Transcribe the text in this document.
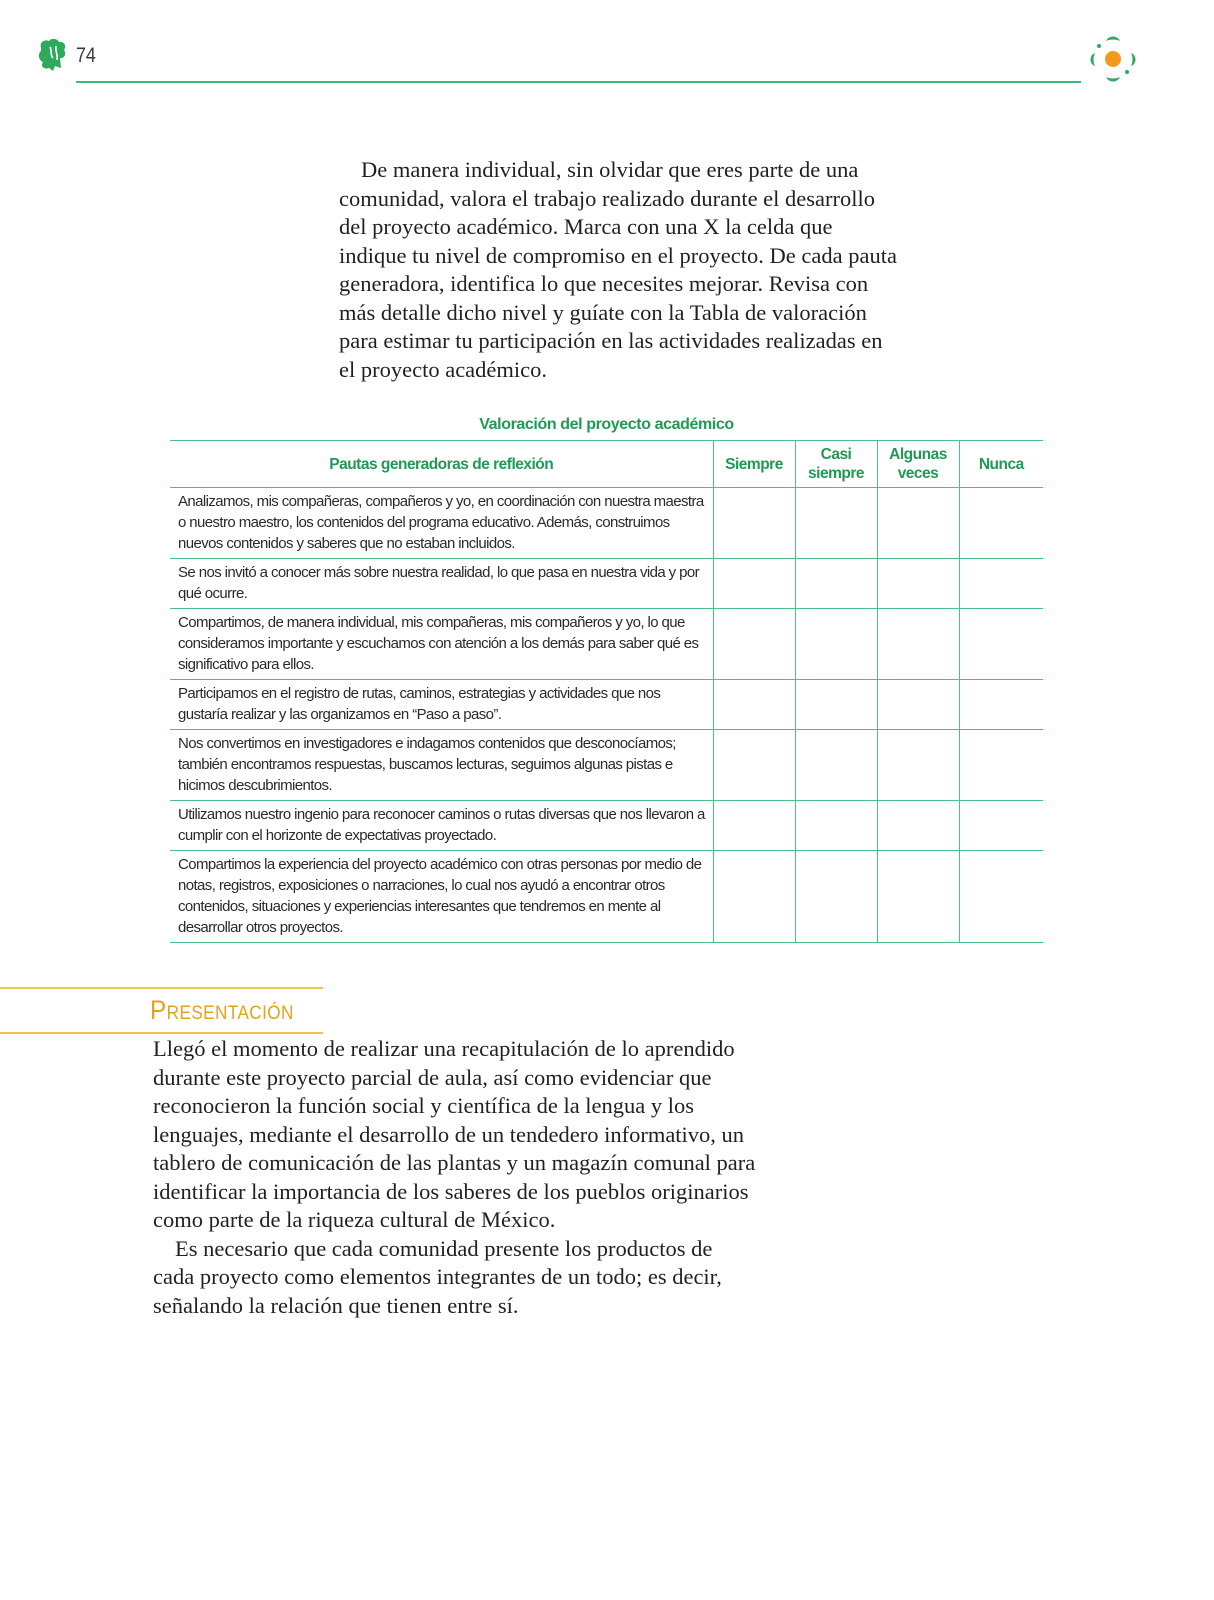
74

De manera individual, sin olvidar que eres parte de una comunidad, valora el trabajo realizado durante el desarrollo del proyecto académico. Marca con una X la celda que indique tu nivel de compromiso en el proyecto. De cada pauta generadora, identifica lo que necesites mejorar. Revisa con más detalle dicho nivel y guíate con la Tabla de valoración para estimar tu participación en las actividades realizadas en el proyecto académico.

Valoración del proyecto académico
Pautas generadoras de reflexión	Siempre	Casi siempre	Algunas veces	Nunca
Analizamos, mis compañeras, compañeros y yo, en coordinación con nuestra maestra o nuestro maestro, los contenidos del programa educativo. Además, construimos nuevos contenidos y saberes que no estaban incluidos.				
Se nos invitó a conocer más sobre nuestra realidad, lo que pasa en nuestra vida y por qué ocurre.				
Compartimos, de manera individual, mis compañeras, mis compañeros y yo, lo que consideramos importante y escuchamos con atención a los demás para saber qué es significativo para ellos.				
Participamos en el registro de rutas, caminos, estrategias y actividades que nos gustaría realizar y las organizamos en “Paso a paso”.				
Nos convertimos en investigadores e indagamos contenidos que desconocíamos; también encontramos respuestas, buscamos lecturas, seguimos algunas pistas e hicimos descubrimientos.				
Utilizamos nuestro ingenio para reconocer caminos o rutas diversas que nos llevaron a cumplir con el horizonte de expectativas proyectado.				
Compartimos la experiencia del proyecto académico con otras personas por medio de notas, registros, exposiciones o narraciones, lo cual nos ayudó a encontrar otros contenidos, situaciones y experiencias interesantes que tendremos en mente al desarrollar otros proyectos.				
Presentación

Llegó el momento de realizar una recapitulación de lo aprendido durante este proyecto parcial de aula, así como evidenciar que reconocieron la función social y científica de la lengua y los lenguajes, mediante el desarrollo de un tendedero informativo, un tablero de comunicación de las plantas y un magazín comunal para identificar la importancia de los saberes de los pueblos originarios como parte de la riqueza cultural de México.

Es necesario que cada comunidad presente los productos de cada proyecto como elementos integrantes de un todo; es decir, señalando la relación que tienen entre sí.
